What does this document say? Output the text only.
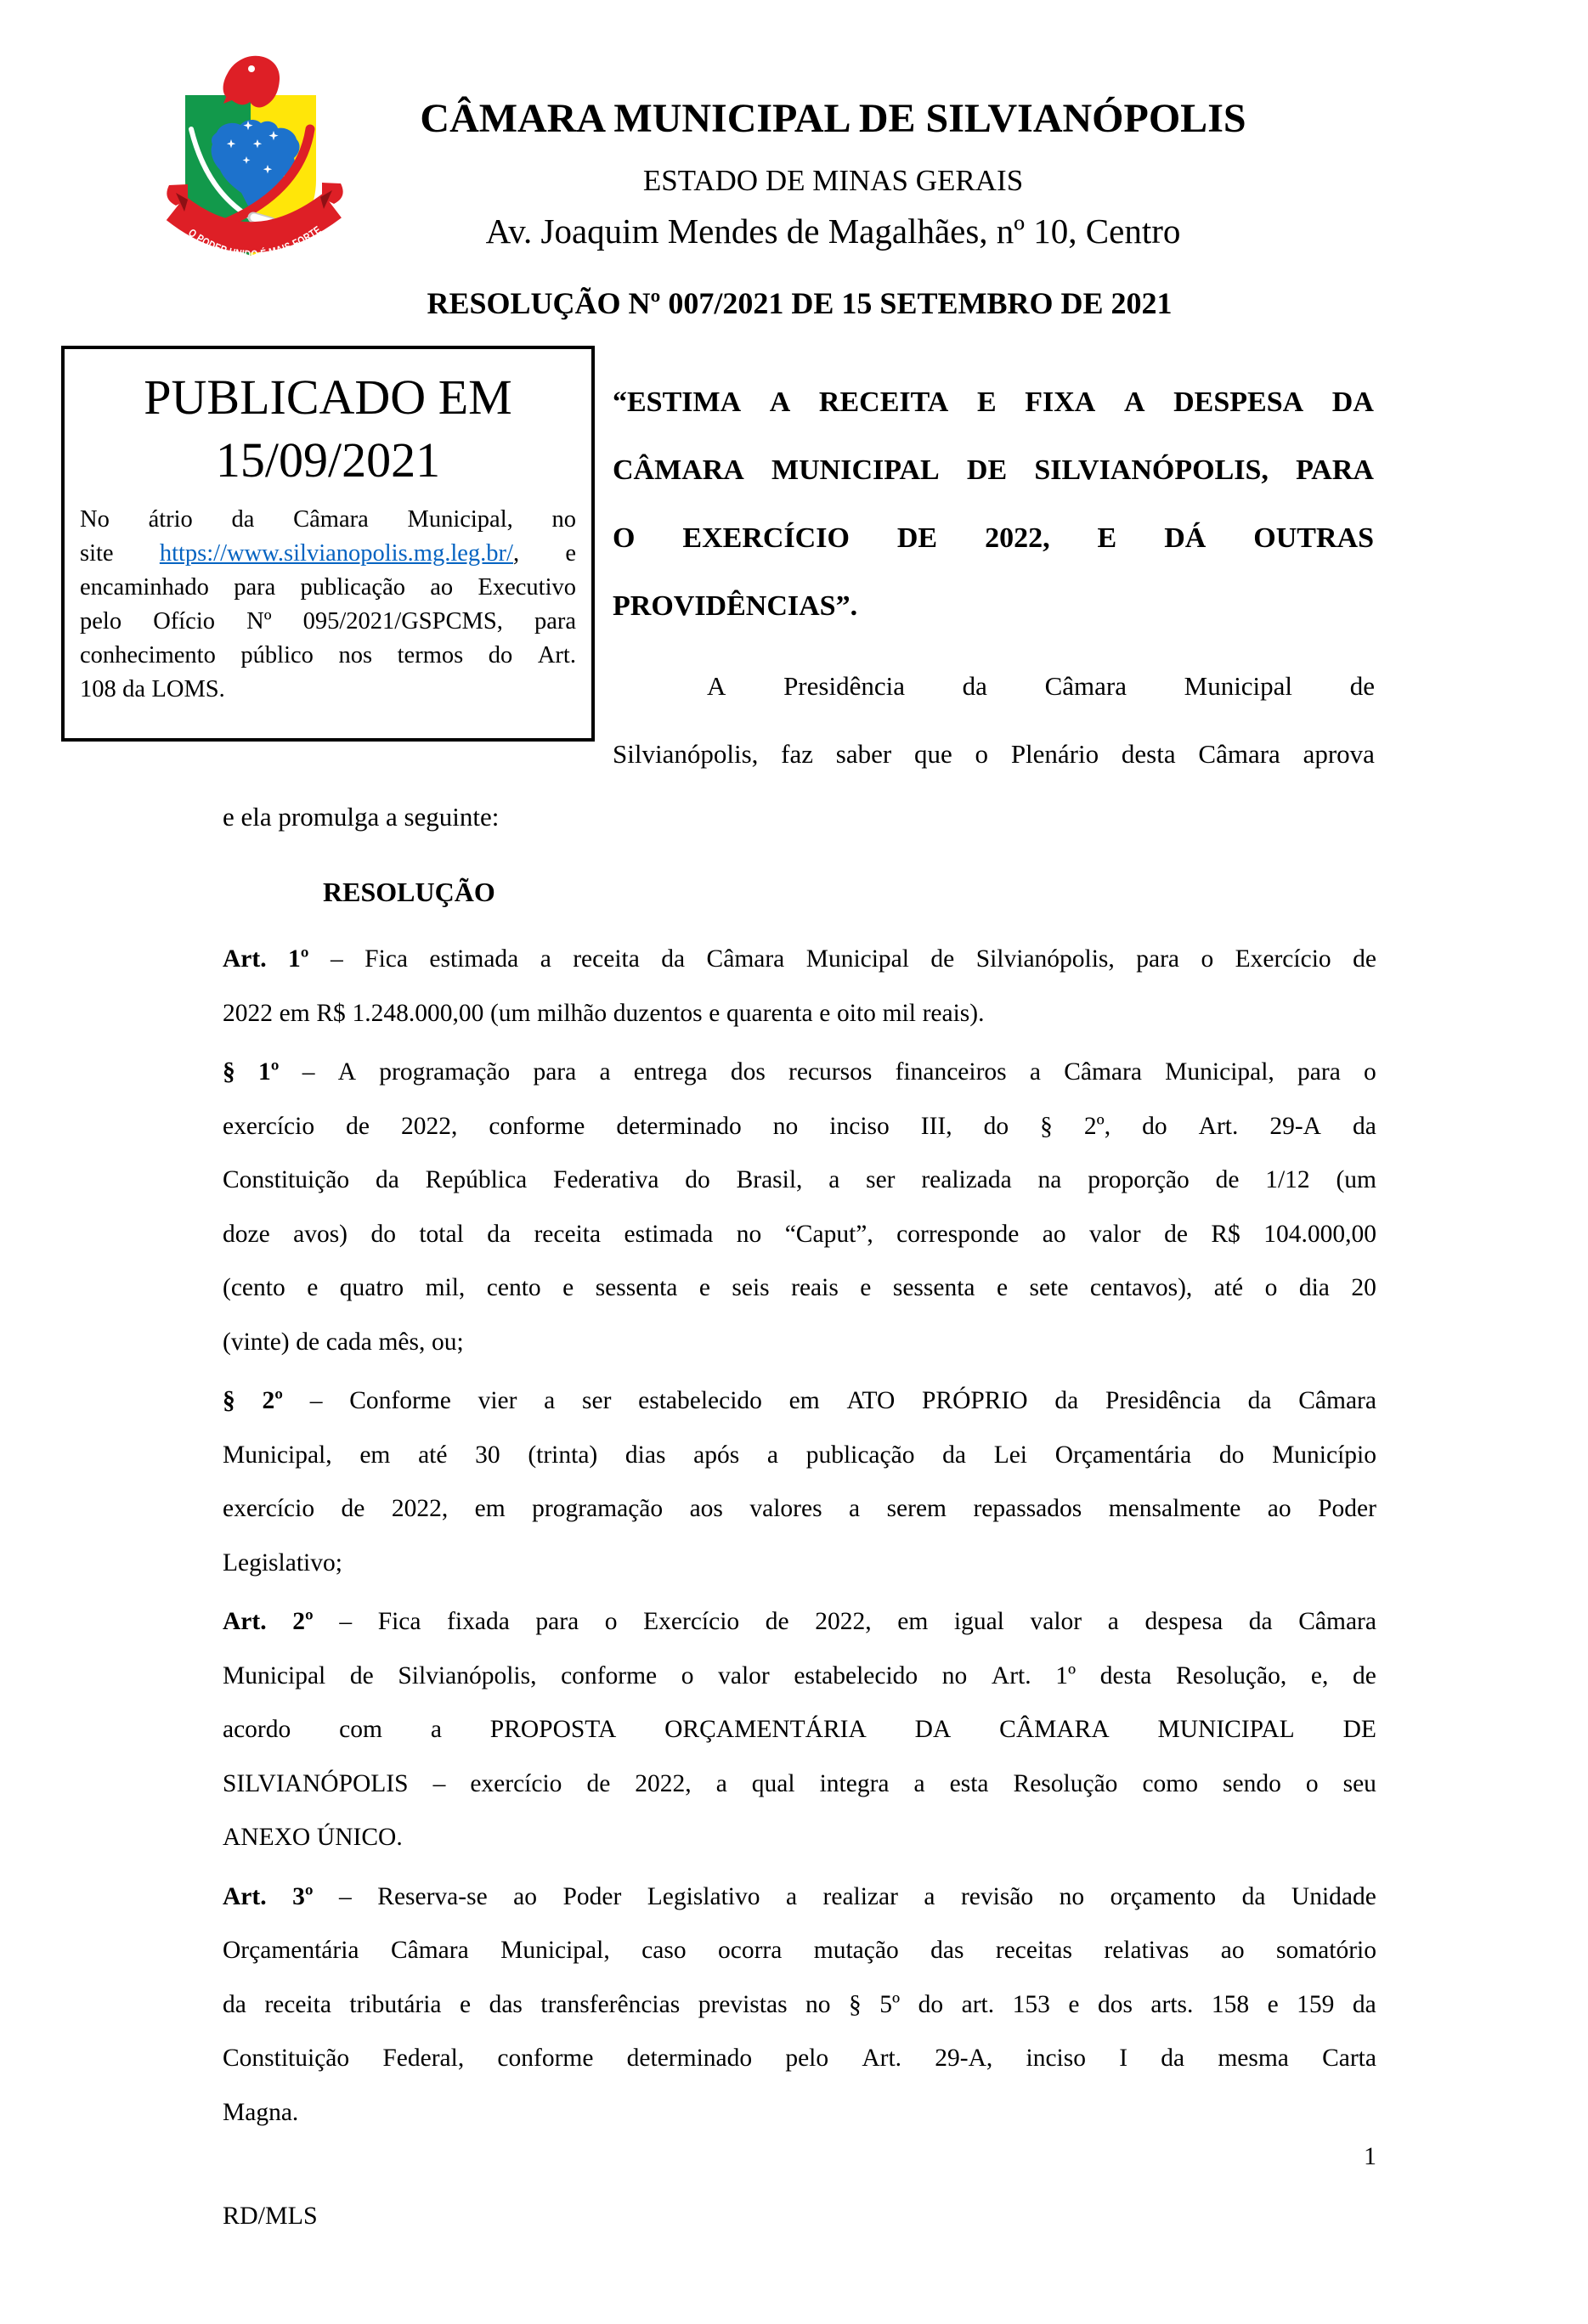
O PODER UNIDO É MAIS FORTE
CÂMARA MUNICIPAL DE SILVIANÓPOLIS
ESTADO DE MINAS GERAIS
Av. Joaquim Mendes de Magalhães, nº 10, Centro
RESOLUÇÃO Nº 007/2021 DE 15 SETEMBRO DE 2021
PUBLICADO EM
15/09/2021
No átrio da Câmara Municipal, no
site https://www.silvianopolis.mg.leg.br/, e
encaminhado para publicação ao Executivo
pelo Ofício Nº 095/2021/GSPCMS, para
conhecimento público nos termos do Art.
108 da LOMS.
“ESTIMA A RECEITA E FIXA A DESPESA DA
CÂMARA MUNICIPAL DE SILVIANÓPOLIS, PARA
O EXERCÍCIO DE 2022, E DÁ OUTRAS
PROVIDÊNCIAS”.
A Presidência da Câmara Municipal de
Silvianópolis, faz saber que o Plenário desta Câmara aprova
e ela promulga a seguinte:
RESOLUÇÃO
Art. 1º – Fica estimada a receita da Câmara Municipal de Silvianópolis, para o Exercício de
2022 em R$ 1.248.000,00 (um milhão duzentos e quarenta e oito mil reais).
§ 1º – A programação para a entrega dos recursos financeiros a Câmara Municipal, para o
exercício de 2022, conforme determinado no inciso III, do § 2º, do Art. 29-A da
Constituição da República Federativa do Brasil, a ser realizada na proporção de 1/12 (um
doze avos) do total da receita estimada no “Caput”, corresponde ao valor de R$ 104.000,00
(cento e quatro mil, cento e sessenta e seis reais e sessenta e sete centavos), até o dia 20
(vinte) de cada mês, ou;
§ 2º – Conforme vier a ser estabelecido em ATO PRÓPRIO da Presidência da Câmara
Municipal, em até 30 (trinta) dias após a publicação da Lei Orçamentária do Município
exercício de 2022, em programação aos valores a serem repassados mensalmente ao Poder
Legislativo;
Art. 2º – Fica fixada para o Exercício de 2022, em igual valor a despesa da Câmara
Municipal de Silvianópolis, conforme o valor estabelecido no Art. 1º desta Resolução, e, de
acordo com a PROPOSTA ORÇAMENTÁRIA DA CÂMARA MUNICIPAL DE
SILVIANÓPOLIS – exercício de 2022, a qual integra a esta Resolução como sendo o seu
ANEXO ÚNICO.
Art. 3º – Reserva-se ao Poder Legislativo a realizar a revisão no orçamento da Unidade
Orçamentária Câmara Municipal, caso ocorra mutação das receitas relativas ao somatório
da receita tributária e das transferências previstas no § 5º do art. 153 e dos arts. 158 e 159 da
Constituição Federal, conforme determinado pelo Art. 29-A, inciso I da mesma Carta
Magna.
1
RD/MLS
